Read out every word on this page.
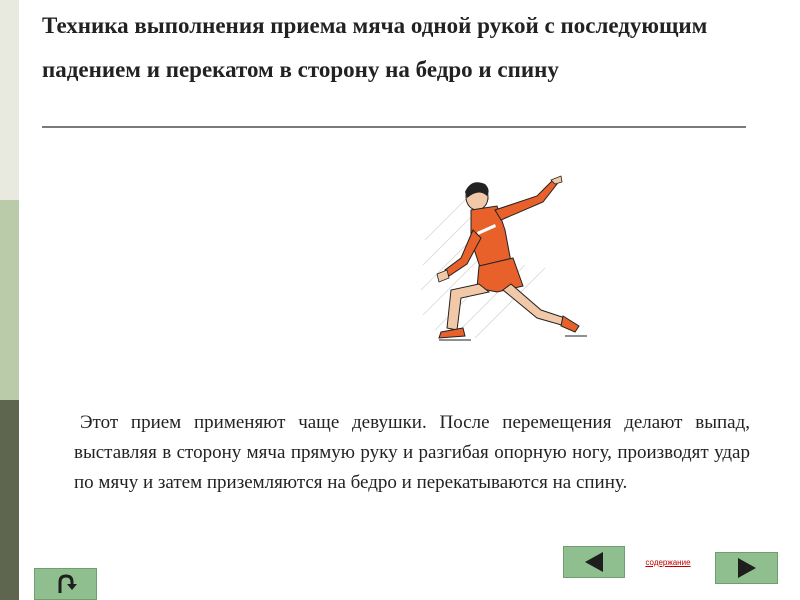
Техника выполнения приема мяча одной рукой с последующим падением и перекатом в сторону на бедро и спину
Этот прием применяют чаще девушки. После перемещения делают выпад, выставляя в сторону мяча прямую руку и разгибая опорную ногу, производят удар по мячу и затем приземляются на бедро и перекатываются на спину.
содержание
